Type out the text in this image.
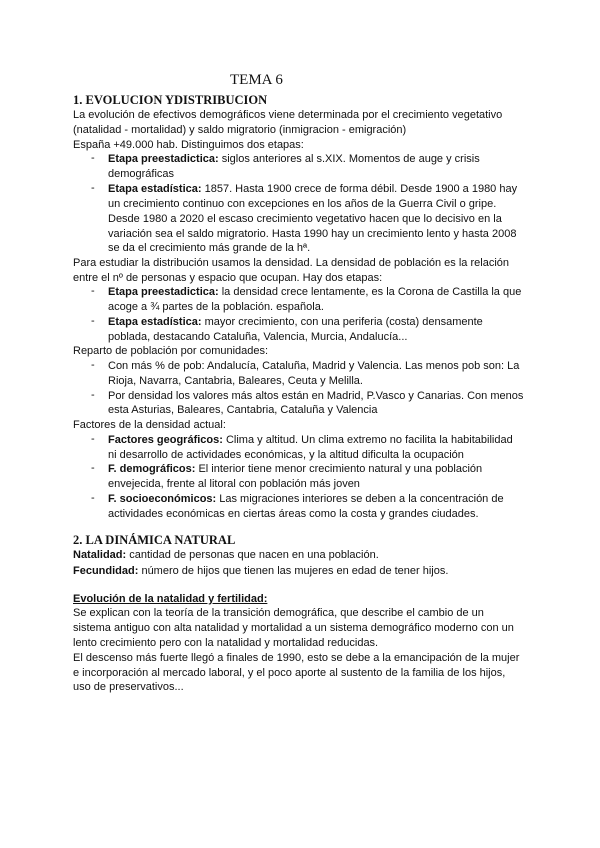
TEMA 6
1. EVOLUCION YDISTRIBUCION
La evolución de efectivos demográficos viene determinada por el crecimiento vegetativo
(natalidad - mortalidad) y saldo migratorio (inmigracion - emigración)
España +49.000 hab. Distinguimos dos etapas:
- Etapa preestadictica: siglos anteriores al s.XIX. Momentos de auge y crisis
demográficas
- Etapa estadística: 1857. Hasta 1900 crece de forma débil. Desde 1900 a 1980 hay
un crecimiento continuo con excepciones en los años de la Guerra Civil o gripe.
Desde 1980 a 2020 el escaso crecimiento vegetativo hacen que lo decisivo en la
variación sea el saldo migratorio. Hasta 1990 hay un crecimiento lento y hasta 2008
se da el crecimiento más grande de la hª.
Para estudiar la distribución usamos la densidad. La densidad de población es la relación
entre el nº de personas y espacio que ocupan. Hay dos etapas:
- Etapa preestadictica: la densidad crece lentamente, es la Corona de Castilla la que
acoge a ¾ partes de la población. española.
- Etapa estadística: mayor crecimiento, con una periferia (costa) densamente
poblada, destacando Cataluña, Valencia, Murcia, Andalucía...
Reparto de población por comunidades:
- Con más % de pob: Andalucía, Cataluña, Madrid y Valencia. Las menos pob son: La
Rioja, Navarra, Cantabria, Baleares, Ceuta y Melilla.
- Por densidad los valores más altos están en Madrid, P.Vasco y Canarias. Con menos
esta Asturias, Baleares, Cantabria, Cataluña y Valencia
Factores de la densidad actual:
- Factores geográficos: Clima y altitud. Un clima extremo no facilita la habitabilidad
ni desarrollo de actividades económicas, y la altitud dificulta la ocupación
- F. demográficos: El interior tiene menor crecimiento natural y una población
envejecida, frente al litoral con población más joven
- F. socioeconómicos: Las migraciones interiores se deben a la concentración de
actividades económicas en ciertas áreas como la costa y grandes ciudades.
2. LA DINÁMICA NATURAL
Natalidad: cantidad de personas que nacen en una población.
Fecundidad: número de hijos que tienen las mujeres en edad de tener hijos.
Evolución de la natalidad y fertilidad:
Se explican con la teoría de la transición demográfica, que describe el cambio de un
sistema antiguo con alta natalidad y mortalidad a un sistema demográfico moderno con un
lento crecimiento pero con la natalidad y mortalidad reducidas.
El descenso más fuerte llegó a finales de 1990, esto se debe a la emancipación de la mujer
e incorporación al mercado laboral, y el poco aporte al sustento de la familia de los hijos,
uso de preservativos...
